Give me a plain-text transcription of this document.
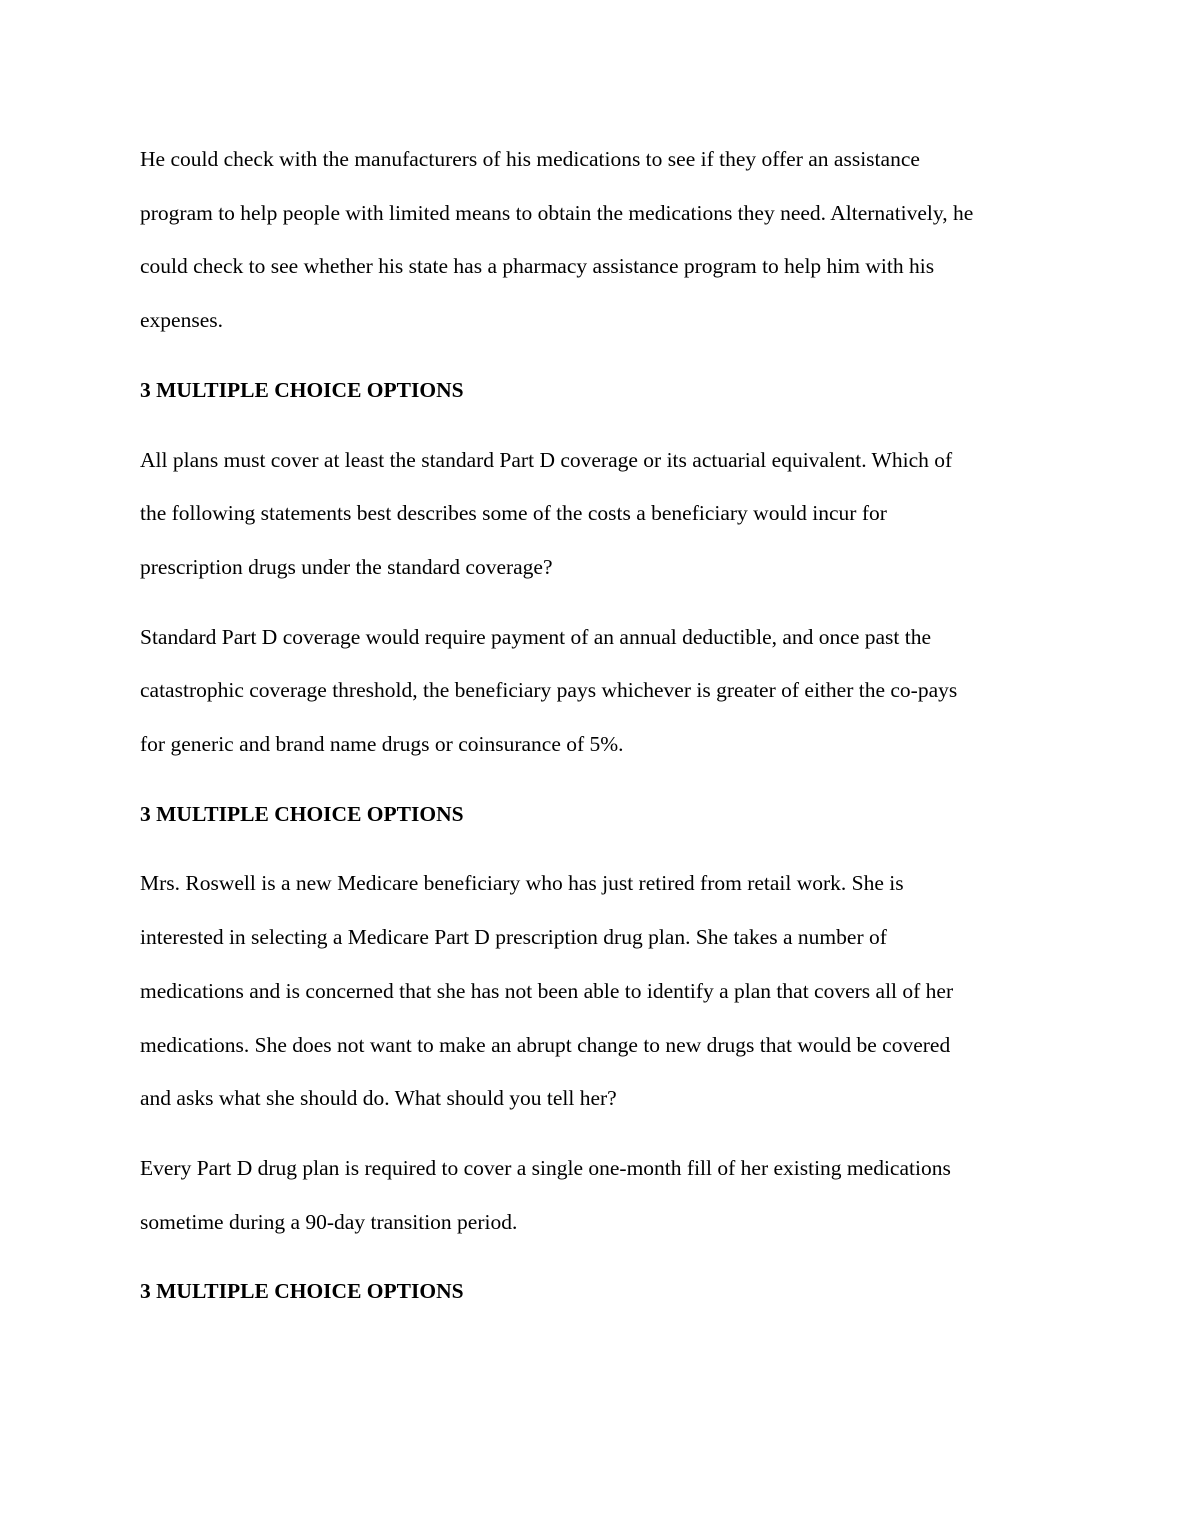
He could check with the manufacturers of his medications to see if they offer an assistance
program to help people with limited means to obtain the medications they need. Alternatively, he
could check to see whether his state has a pharmacy assistance program to help him with his
expenses.

3 MULTIPLE CHOICE OPTIONS

All plans must cover at least the standard Part D coverage or its actuarial equivalent. Which of
the following statements best describes some of the costs a beneficiary would incur for
prescription drugs under the standard coverage?

Standard Part D coverage would require payment of an annual deductible, and once past the
catastrophic coverage threshold, the beneficiary pays whichever is greater of either the co-pays
for generic and brand name drugs or coinsurance of 5%.

3 MULTIPLE CHOICE OPTIONS

Mrs. Roswell is a new Medicare beneficiary who has just retired from retail work. She is
interested in selecting a Medicare Part D prescription drug plan. She takes a number of
medications and is concerned that she has not been able to identify a plan that covers all of her
medications. She does not want to make an abrupt change to new drugs that would be covered
and asks what she should do. What should you tell her?

Every Part D drug plan is required to cover a single one-month fill of her existing medications
sometime during a 90-day transition period.

3 MULTIPLE CHOICE OPTIONS
